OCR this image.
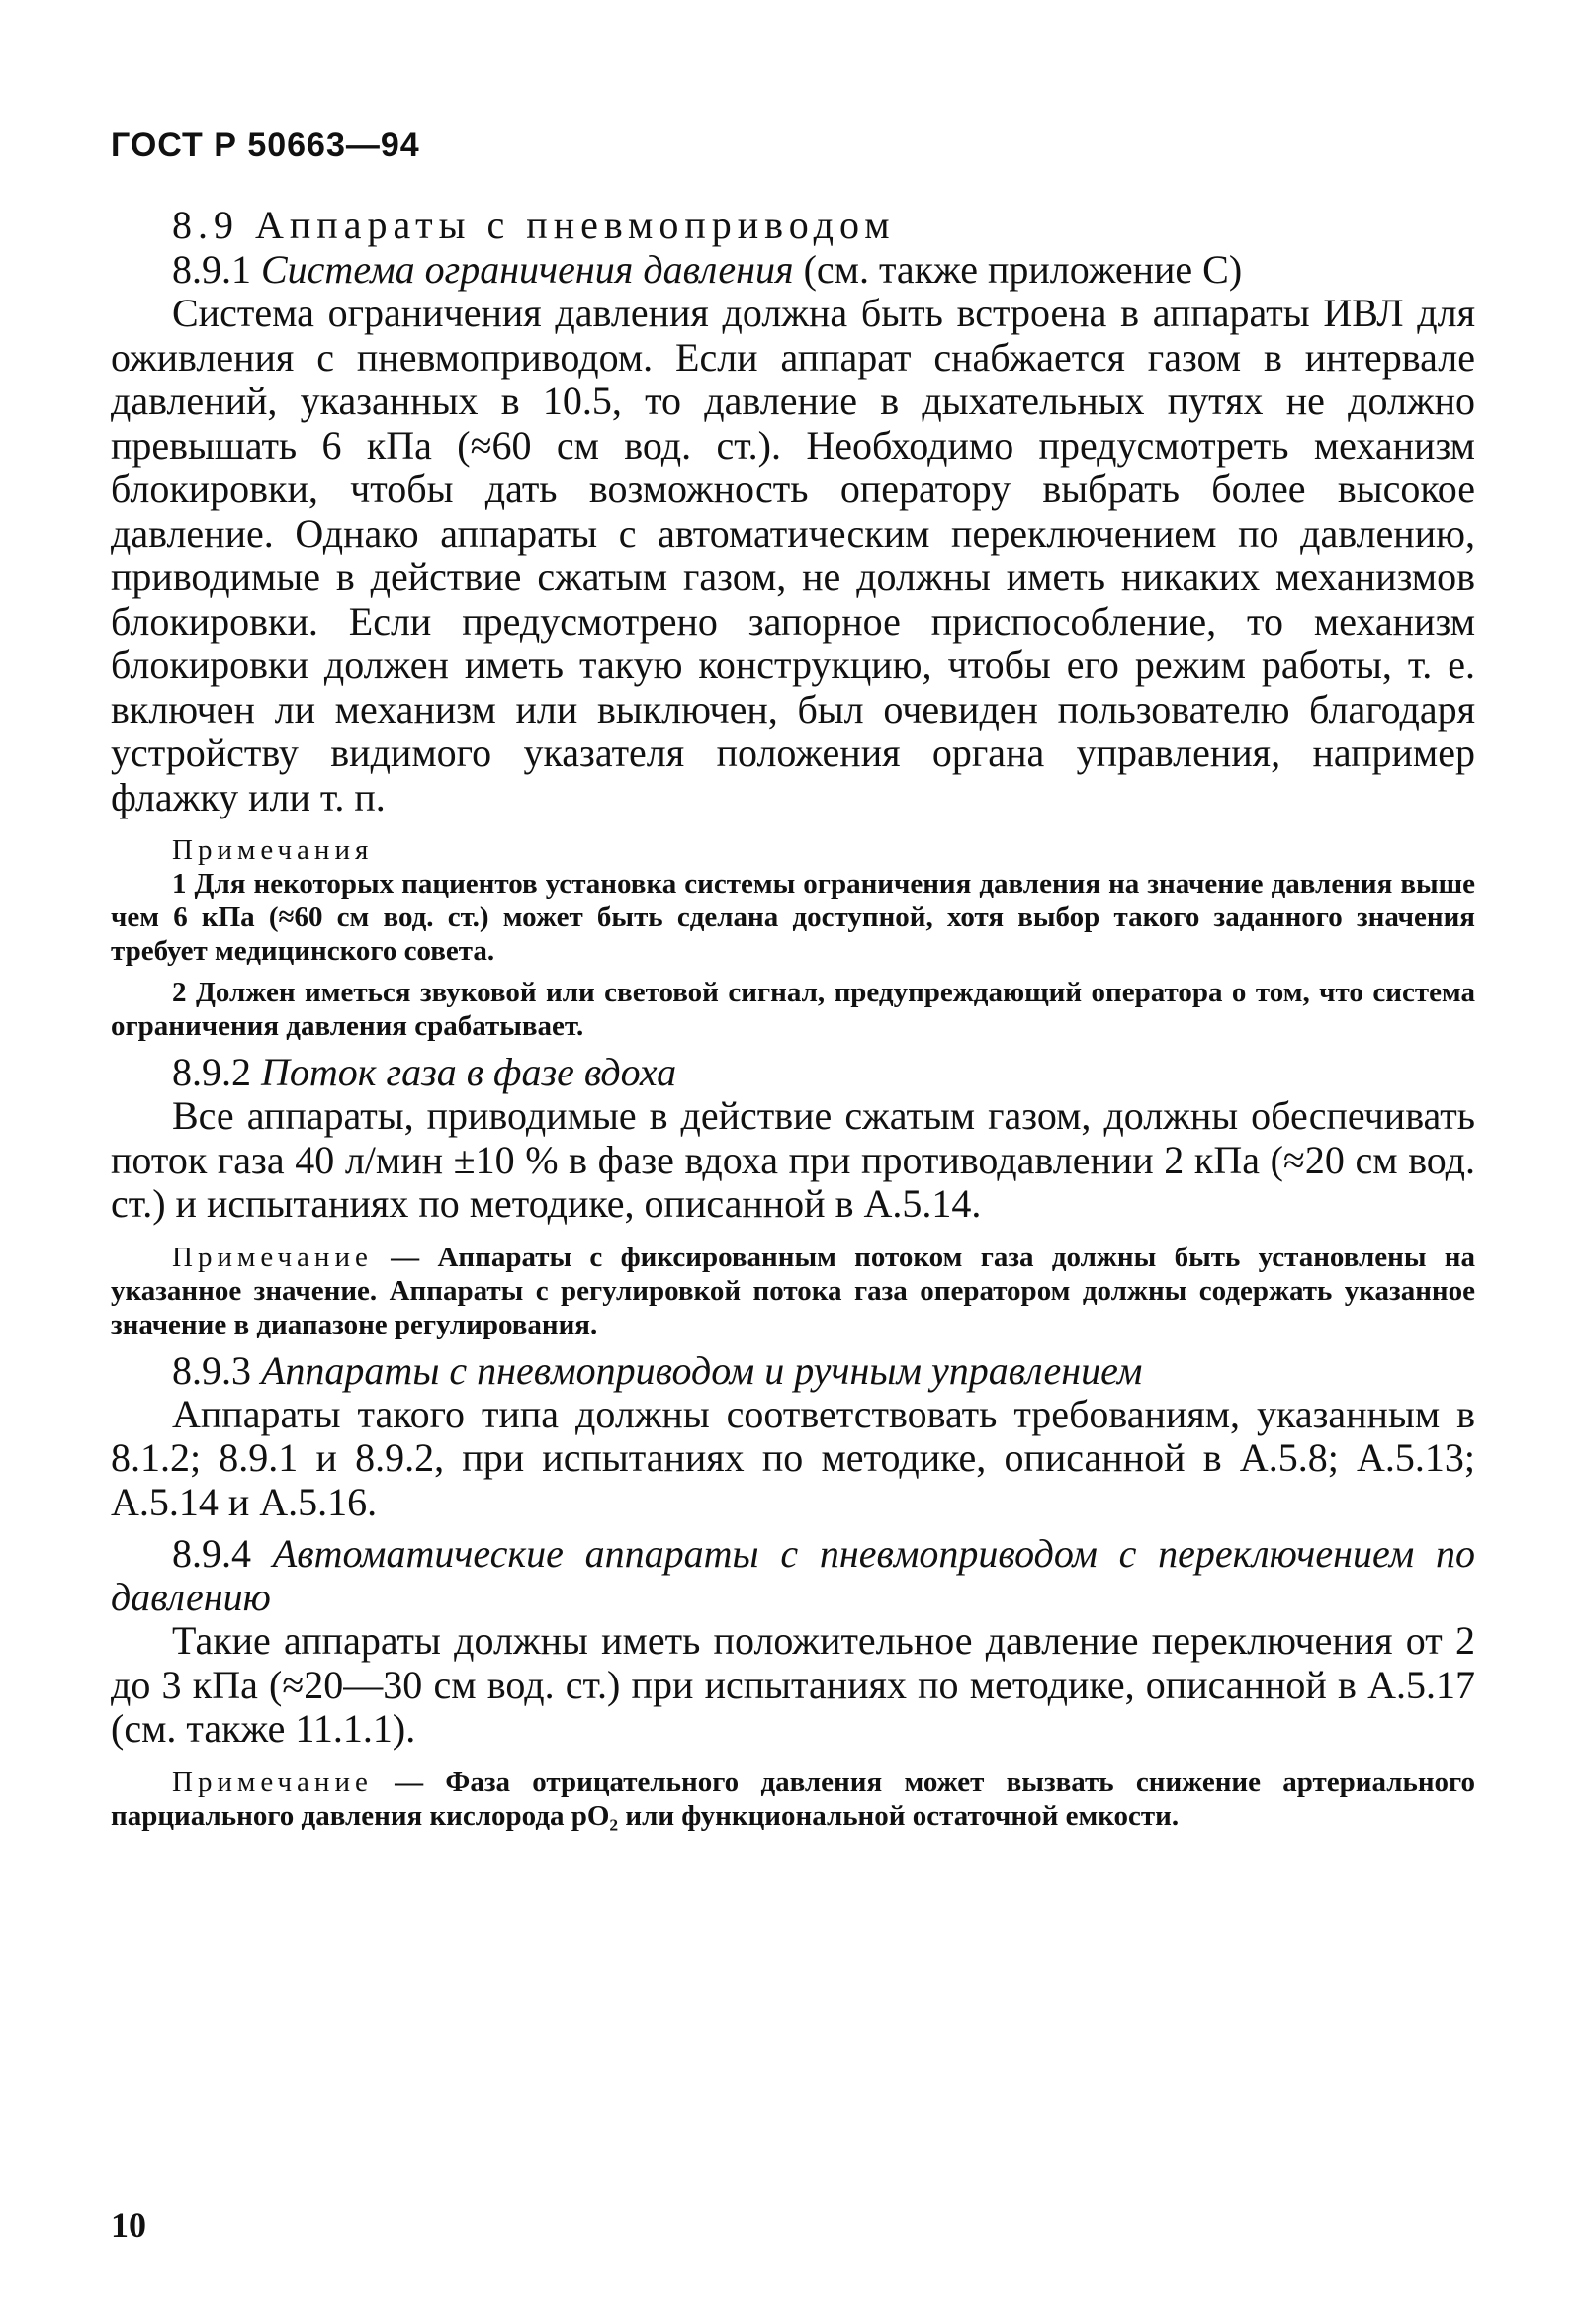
ГОСТ Р 50663—94

8.9 Аппараты с пневмоприводом

8.9.1 Система ограничения давления (см. также приложение С)

Система ограничения давления должна быть встроена в аппараты ИВЛ для оживления с пневмоприводом. Если аппарат снабжается газом в интервале давлений, указанных в 10.5, то давление в дыхательных путях не должно превышать 6 кПа (≈60 см вод. ст.). Необходимо предусмотреть механизм блокировки, чтобы дать возможность оператору выбрать более высокое давление. Однако аппараты с автоматическим переключением по давлению, приводимые в действие сжатым газом, не должны иметь никаких механизмов блокировки. Если предусмотрено запорное приспособление, то механизм блокировки должен иметь такую конструкцию, чтобы его режим работы, т. е. включен ли механизм или выключен, был очевиден пользователю благодаря устройству видимого указателя положения органа управления, например флажку или т. п.

Примечания

1 Для некоторых пациентов установка системы ограничения давления на значение давления выше чем 6 кПа (≈60 см вод. ст.) может быть сделана доступной, хотя выбор такого заданного значения требует медицинского совета.

2 Должен иметься звуковой или световой сигнал, предупреждающий оператора о том, что система ограничения давления срабатывает.

8.9.2 Поток газа в фазе вдоха

Все аппараты, приводимые в действие сжатым газом, должны обеспечивать поток газа 40 л/мин ±10 % в фазе вдоха при противодавлении 2 кПа (≈20 см вод. ст.) и испытаниях по методике, описанной в А.5.14.

Примечание — Аппараты с фиксированным потоком газа должны быть установлены на указанное значение. Аппараты с регулировкой потока газа оператором должны содержать указанное значение в диапазоне регулирования.

8.9.3 Аппараты с пневмоприводом и ручным управлением

Аппараты такого типа должны соответствовать требованиям, указанным в 8.1.2; 8.9.1 и 8.9.2, при испытаниях по методике, описанной в А.5.8; А.5.13; А.5.14 и А.5.16.

8.9.4 Автоматические аппараты с пневмоприводом с переключением по давлению

Такие аппараты должны иметь положительное давление переключения от 2 до 3 кПа (≈20—30 см вод. ст.) при испытаниях по методике, описанной в А.5.17 (см. также 11.1.1).

Примечание — Фаза отрицательного давления может вызвать снижение артериального парциального давления кислорода pO₂ или функциональной остаточной емкости.

10
